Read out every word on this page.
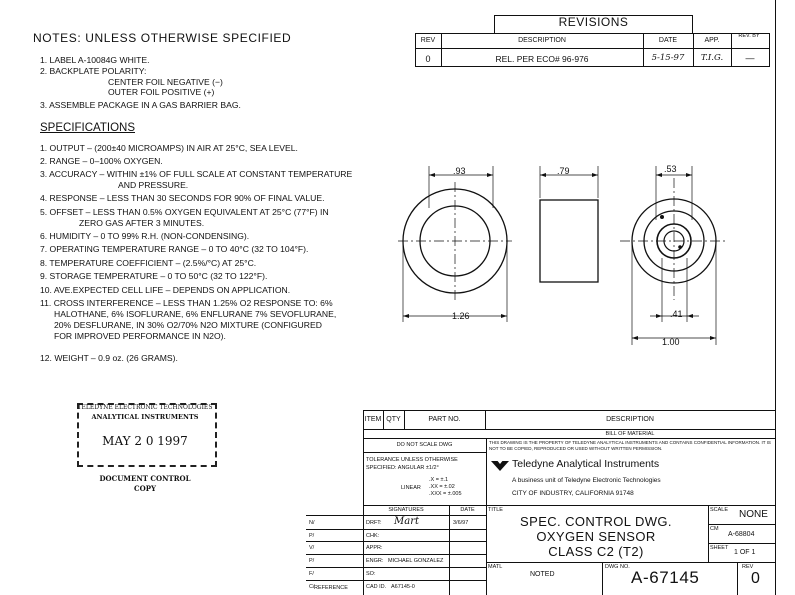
NOTES: UNLESS OTHERWISE SPECIFIED
1. LABEL A-10084G WHITE.
2. BACKPLATE POLARITY:
CENTER FOIL NEGATIVE (−)
OUTER FOIL POSITIVE (+)
3. ASSEMBLE PACKAGE IN A GAS BARRIER BAG.
SPECIFICATIONS
1. OUTPUT – (200±40 MICROAMPS) IN AIR AT 25°C, SEA LEVEL.
2. RANGE – 0–100% OXYGEN.
3. ACCURACY – WITHIN ±1% OF FULL SCALE AT CONSTANT TEMPERATURE
AND PRESSURE.
4. RESPONSE – LESS THAN 30 SECONDS FOR 90% OF FINAL VALUE.
5. OFFSET – LESS THAN 0.5% OXYGEN EQUIVALENT AT 25°C (77°F) IN
ZERO GAS AFTER 3 MINUTES.
6. HUMIDITY – 0 TO 99% R.H. (NON-CONDENSING).
7. OPERATING TEMPERATURE RANGE – 0 TO 40°C (32 TO 104°F).
8. TEMPERATURE COEFFICIENT – (2.5%/°C) AT 25°C.
9. STORAGE TEMPERATURE – 0 TO 50°C (32 TO 122°F).
10. AVE.EXPECTED CELL LIFE – DEPENDS ON APPLICATION.
11. CROSS INTERFERENCE – LESS THAN 1.25% O2 RESPONSE TO: 6%
HALOTHANE, 6% ISOFLURANE, 6% ENFLURANE 7% SEVOFLURANE,
20% DESFLURANE, IN 30% O2/70% N2O MIXTURE (CONFIGURED
FOR IMPROVED PERFORMANCE IN N2O).
12. WEIGHT – 0.9 oz. (26 GRAMS).
REVISIONS
REV	DESCRIPTION	DATE	APP.
REV. BY
0	REL. PER ECO# 96-976	5-15-97	T.I.G.	—
.93	.79	.53
1.26	.41
1.00
TELEDYNE ELECTRONIC TECHNOLOGIES
ANALYTICAL INSTRUMENTS
MAY 2 0 1997
DOCUMENT CONTROL
COPY
ITEM QTY	PART NO.	DESCRIPTION
BILL OF MATERIAL
DO NOT SCALE DWG	THIS DRAWING IS THE PROPERTY OF TELEDYNE ANALYTICAL INSTRUMENTS AND CONTAINS CONFIDENTIAL INFORMATION. IT IS NOT TO BE COPIED, REPRODUCED OR USED WITHOUT WRITTEN PERMISSION.
Teledyne Analytical Instruments
A business unit of Teledyne Electronic Technologies
CITY OF INDUSTRY, CALIFORNIA 91748
TOLERANCE UNLESS OTHERWISE
SPECIFIED: ANGULAR ±1/2°
LINEAR
.X = ±.1
.XX = ±.02
.XXX = ±.005
SIGNATURES	DATE
DRFT: Mart	3/6/97
CHK:
APPR:
ENGR: MICHAEL GONZALEZ
SO:
CAD ID. A67145-0
N/
P/
V/
P/
F/
C/ REFERENCE
TITLE
SPEC. CONTROL DWG.
OXYGEN SENSOR
CLASS C2 (T2)
SCALE NONE
CM
A-68804
SHEET
1 OF 1
MATL
NOTED
DWG NO.
A-67145
REV
0
